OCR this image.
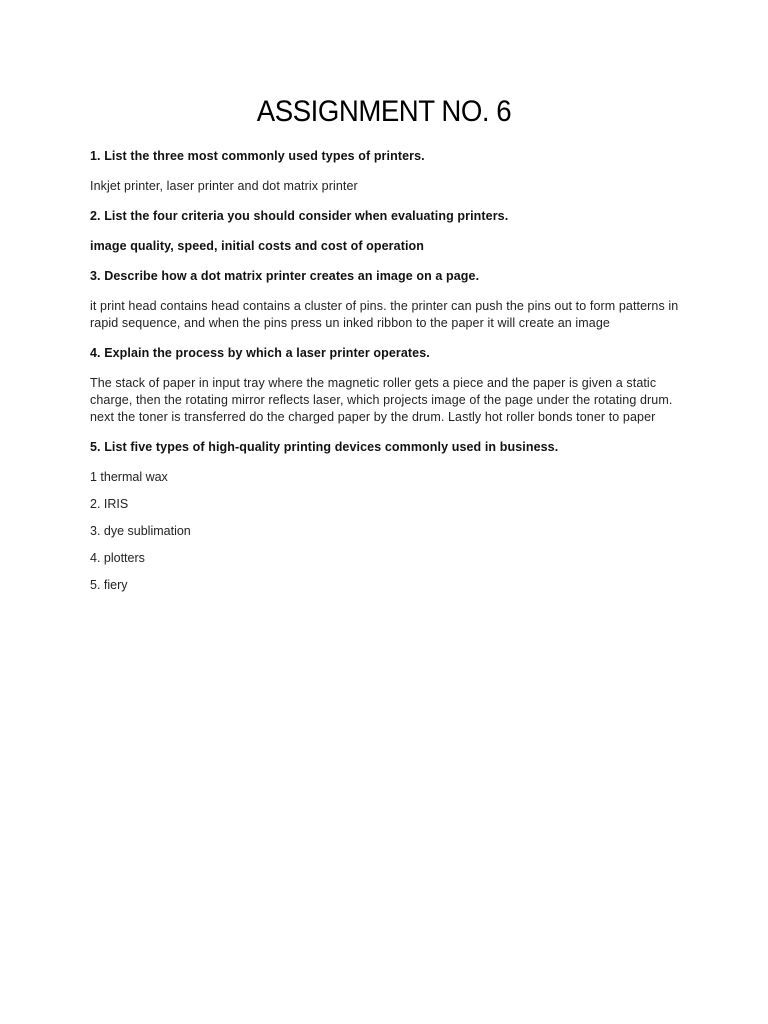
ASSIGNMENT NO. 6

1. List the three most commonly used types of printers.

Inkjet printer, laser printer and dot matrix printer

2. List the four criteria you should consider when evaluating printers.

image quality, speed, initial costs and cost of operation

3. Describe how a dot matrix printer creates an image on a page.

it print head contains head contains a cluster of pins. the printer can push the pins out to form patterns in rapid sequence, and when the pins press un inked ribbon to the paper it will create an image

4. Explain the process by which a laser printer operates.

The stack of paper in input tray where the magnetic roller gets a piece and the paper is given a static charge, then the rotating mirror reflects laser, which projects image of the page under the rotating drum. next the toner is transferred do the charged paper by the drum. Lastly hot roller bonds toner to paper

5. List five types of high-quality printing devices commonly used in business.

1 thermal wax

2. IRIS

3. dye sublimation

4. plotters

5. fiery
